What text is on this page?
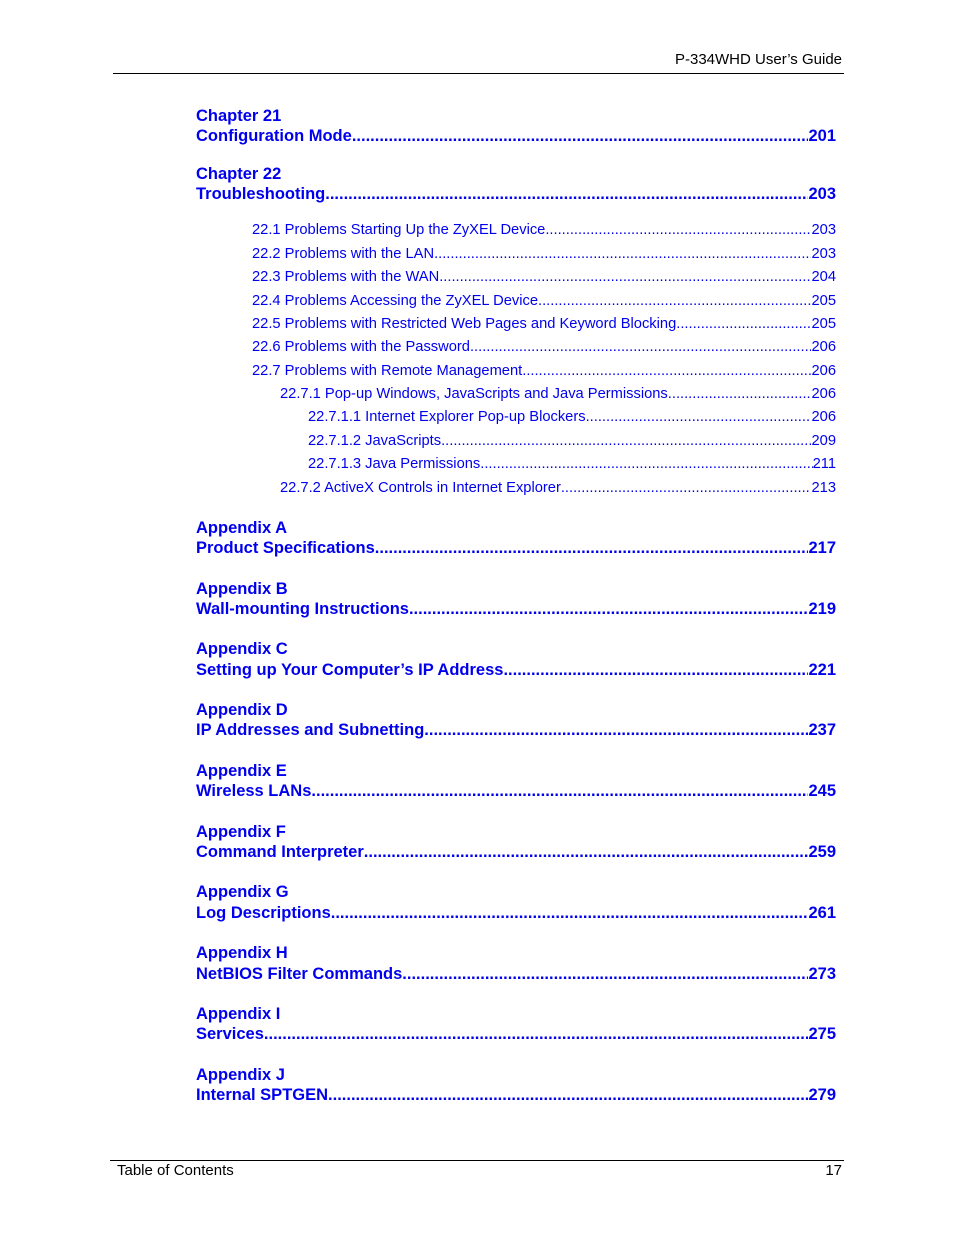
P-334WHD User’s Guide
Chapter 21
Configuration Mode .....	201
Chapter 22
Troubleshooting .....	203
22.1 Problems Starting Up the ZyXEL Device .....	203
22.2 Problems with the LAN .....	203
22.3 Problems with the WAN .....	204
22.4 Problems Accessing the ZyXEL Device .....	205
22.5 Problems with Restricted Web Pages and Keyword Blocking .....	205
22.6 Problems with the Password .....	206
22.7 Problems with Remote Management .....	206
22.7.1 Pop-up Windows, JavaScripts and Java Permissions .....	206
22.7.1.1 Internet Explorer Pop-up Blockers .....	206
22.7.1.2 JavaScripts .....	209
22.7.1.3 Java Permissions .....	211
22.7.2 ActiveX Controls in Internet Explorer .....	213
Appendix A
Product Specifications .....	217
Appendix B
Wall-mounting Instructions .....	219
Appendix C
Setting up Your Computer’s IP Address .....	221
Appendix D
IP Addresses and Subnetting .....	237
Appendix E
Wireless LANs .....	245
Appendix F
Command Interpreter .....	259
Appendix G
Log Descriptions .....	261
Appendix H
NetBIOS Filter Commands .....	273
Appendix I
Services .....	275
Appendix J
Internal SPTGEN .....	279
Table of Contents	17
